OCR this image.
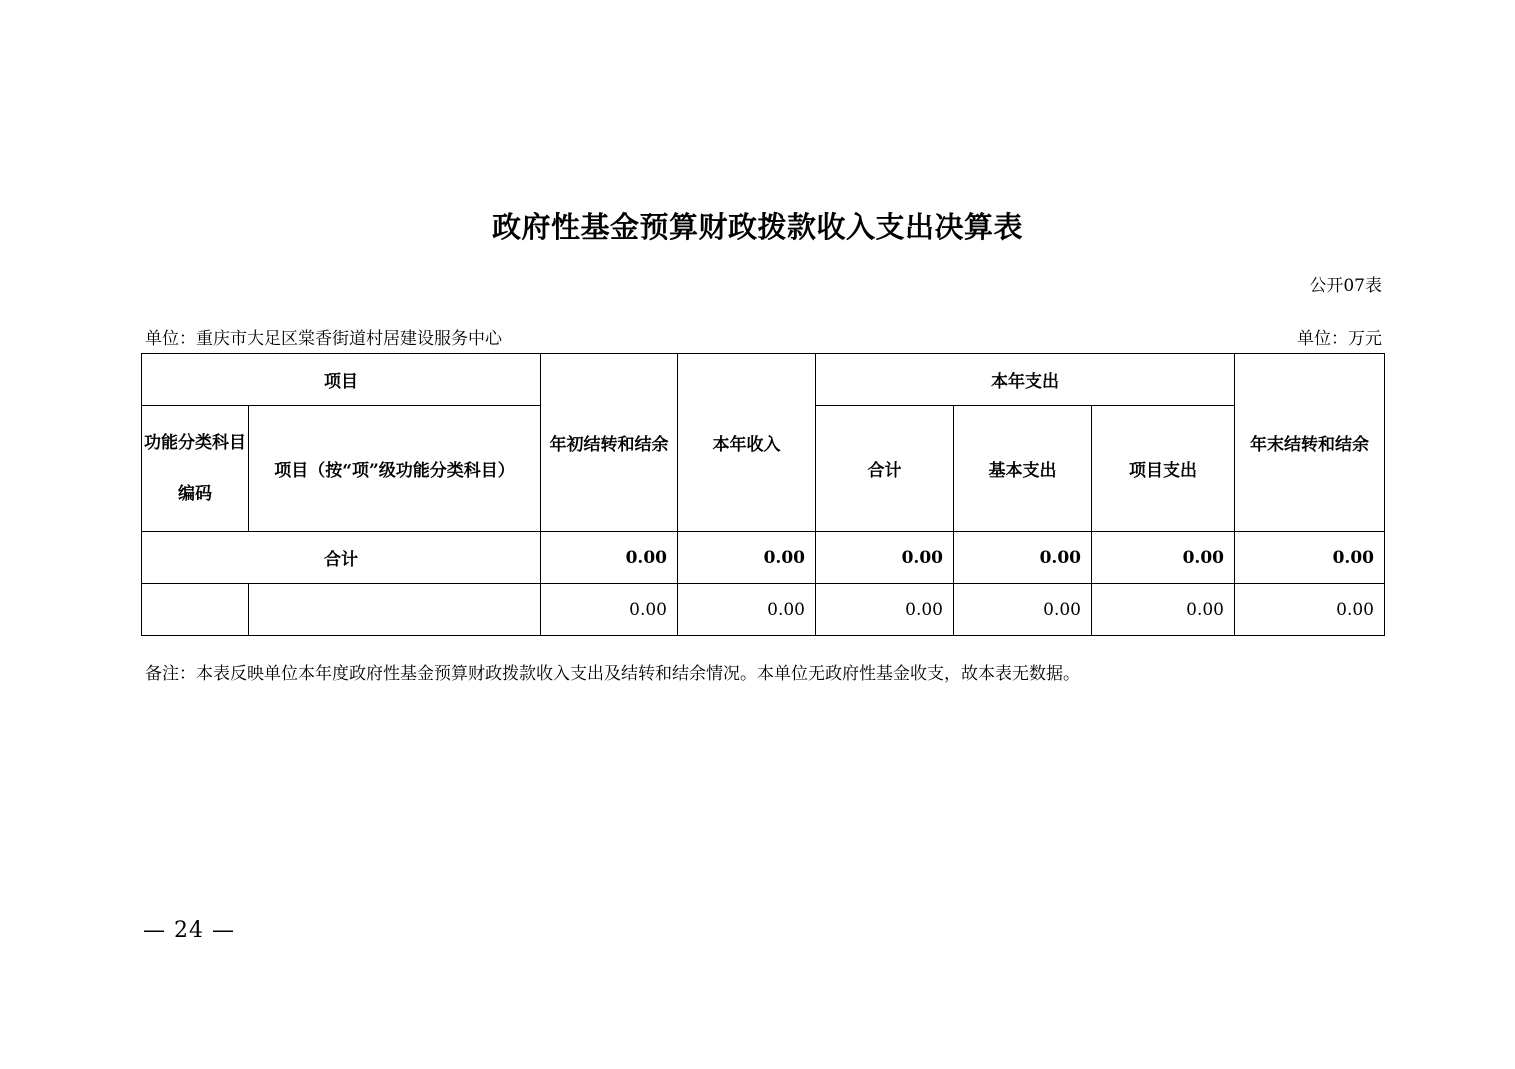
政府性基金预算财政拨款收入支出决算表
公开07表
单位：重庆市大足区棠香街道村居建设服务中心	单位：万元
项目		年初结转和结余	本年收入	本年支出			年末结转和结余
功能分类科目编码	项目（按“项”级功能分类科目）			合计	基本支出	项目支出	
合计		0.00	0.00	0.00	0.00	0.00	0.00
		0.00	0.00	0.00	0.00	0.00	0.00
备注：本表反映单位本年度政府性基金预算财政拨款收入支出及结转和结余情况。本单位无政府性基金收支，故本表无数据。
— 24 —
